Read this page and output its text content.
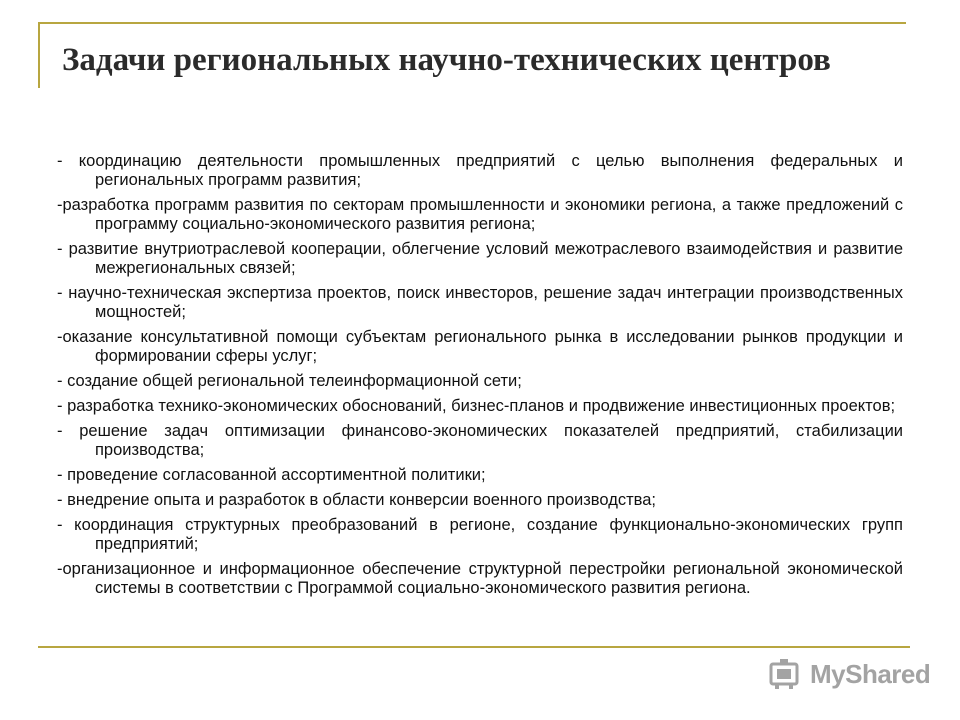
Задачи региональных научно-технических центров

- координацию деятельности промышленных предприятий с целью выполнения федеральных и региональных программ развития;

-разработка программ развития по секторам промышленности и экономики региона, а также предложений с программу социально-экономического развития региона;

- развитие внутриотраслевой кооперации, облегчение условий межотраслевого взаимодействия и развитие межрегиональных связей;

- научно-техническая экспертиза проектов, поиск инвесторов, решение задач интеграции производственных мощностей;

-оказание консультативной помощи субъектам регионального рынка в исследовании рынков продукции и формировании сферы услуг;

- создание общей региональной телеинформационной сети;

- разработка технико-экономических обоснований, бизнес-планов и продвижение инвестиционных проектов;

- решение задач оптимизации финансово-экономических показателей предприятий, стабилизации производства;

- проведение согласованной ассортиментной политики;

- внедрение опыта и разработок в области конверсии военного производства;

- координация структурных преобразований в регионе, создание функционально-экономических групп предприятий;

-организационное и информационное обеспечение структурной перестройки региональной экономической системы в соответствии с Программой социально-экономического развития региона.

MyShared
